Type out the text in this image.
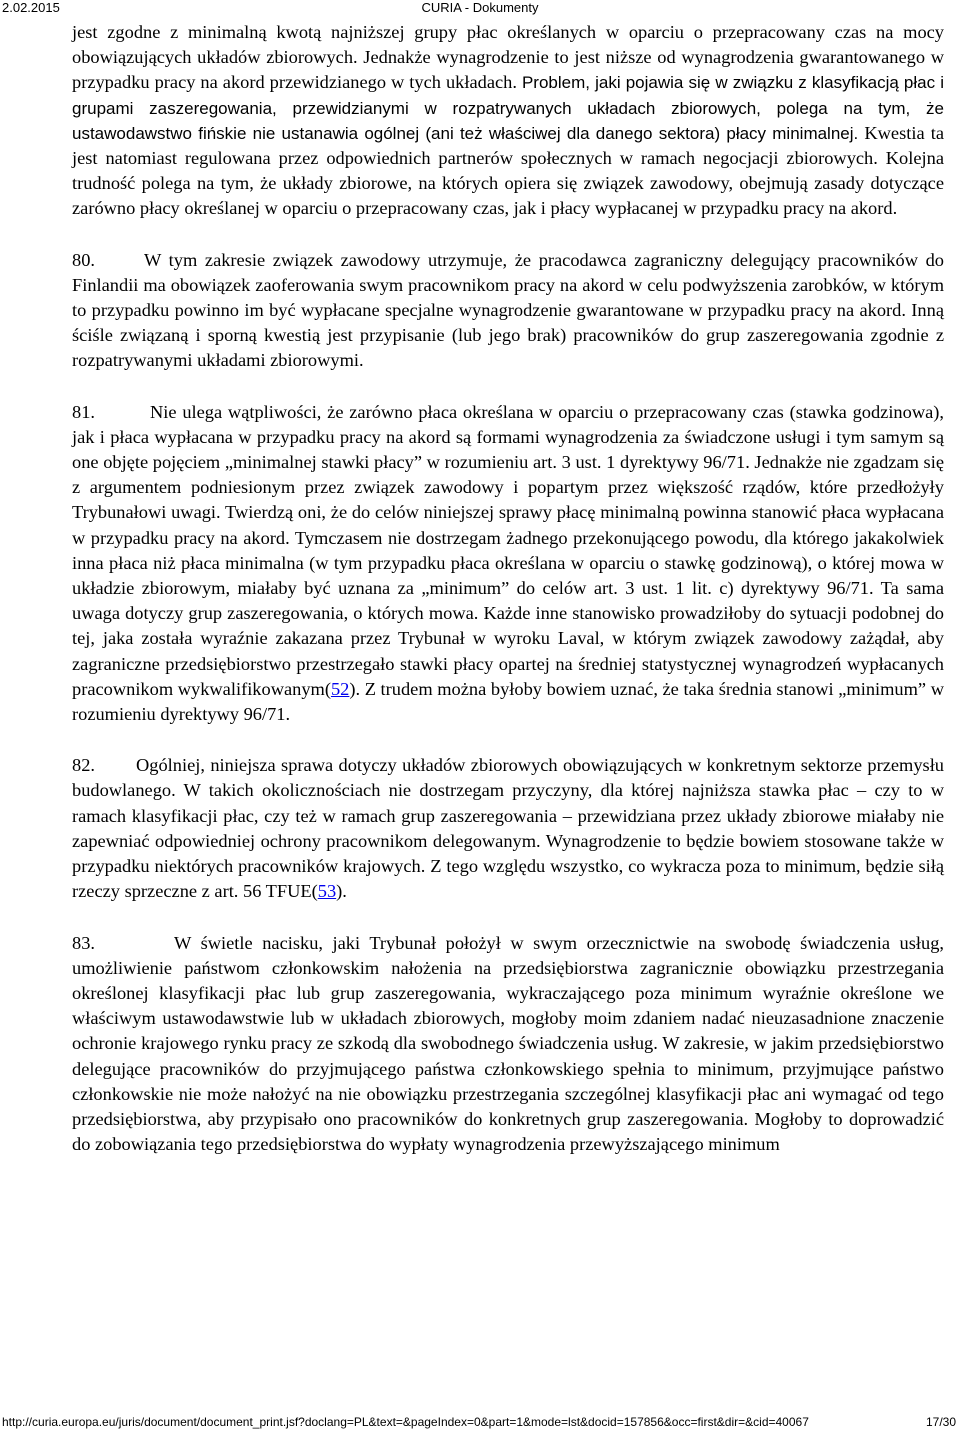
2.02.2015	CURIA - Dokumenty

jest zgodne z minimalną kwotą najniższej grupy płac określanych w oparciu o przepracowany czas na mocy obowiązujących układów zbiorowych. Jednakże wynagrodzenie to jest niższe od wynagrodzenia gwarantowanego w przypadku pracy na akord przewidzianego w tych układach. Problem, jaki pojawia się w związku z klasyfikacją płac i grupami zaszeregowania, przewidzianymi w rozpatrywanych układach zbiorowych, polega na tym, że ustawodawstwo fińskie nie ustanawia ogólnej (ani też właściwej dla danego sektora) płacy minimalnej. Kwestia ta jest natomiast regulowana przez odpowiednich partnerów społecznych w ramach negocjacji zbiorowych. Kolejna trudność polega na tym, że układy zbiorowe, na których opiera się związek zawodowy, obejmują zasady dotyczące zarówno płacy określanej w oparciu o przepracowany czas, jak i płacy wypłacanej w przypadku pracy na akord.

80.	W tym zakresie związek zawodowy utrzymuje, że pracodawca zagraniczny delegujący pracowników do Finlandii ma obowiązek zaoferowania swym pracownikom pracy na akord w celu podwyższenia zarobków, w którym to przypadku powinno im być wypłacane specjalne wynagrodzenie gwarantowane w przypadku pracy na akord. Inną ściśle związaną i sporną kwestią jest przypisanie (lub jego brak) pracowników do grup zaszeregowania zgodnie z rozpatrywanymi układami zbiorowymi.

81.	Nie ulega wątpliwości, że zarówno płaca określana w oparciu o przepracowany czas (stawka godzinowa), jak i płaca wypłacana w przypadku pracy na akord są formami wynagrodzenia za świadczone usługi i tym samym są one objęte pojęciem „minimalnej stawki płacy” w rozumieniu art. 3 ust. 1 dyrektywy 96/71. Jednakże nie zgadzam się z argumentem podniesionym przez związek zawodowy i popartym przez większość rządów, które przedłożyły Trybunałowi uwagi. Twierdzą oni, że do celów niniejszej sprawy płacę minimalną powinna stanowić płaca wypłacana w przypadku pracy na akord. Tymczasem nie dostrzegam żadnego przekonującego powodu, dla którego jakakolwiek inna płaca niż płaca minimalna (w tym przypadku płaca określana w oparciu o stawkę godzinową), o której mowa w układzie zbiorowym, miałaby być uznana za „minimum” do celów art. 3 ust. 1 lit. c) dyrektywy 96/71. Ta sama uwaga dotyczy grup zaszeregowania, o których mowa. Każde inne stanowisko prowadziłoby do sytuacji podobnej do tej, jaka została wyraźnie zakazana przez Trybunał w wyroku Laval, w którym związek zawodowy zażądał, aby zagraniczne przedsiębiorstwo przestrzegało stawki płacy opartej na średniej statystycznej wynagrodzeń wypłacanych pracownikom wykwalifikowanym(52). Z trudem można byłoby bowiem uznać, że taka średnia stanowi „minimum” w rozumieniu dyrektywy 96/71.

82. Ogólniej, niniejsza sprawa dotyczy układów zbiorowych obowiązujących w konkretnym sektorze przemysłu budowlanego. W takich okolicznościach nie dostrzegam przyczyny, dla której najniższa stawka płac – czy to w ramach klasyfikacji płac, czy też w ramach grup zaszeregowania – przewidziana przez układy zbiorowe miałaby nie zapewniać odpowiedniej ochrony pracownikom delegowanym. Wynagrodzenie to będzie bowiem stosowane także w przypadku niektórych pracowników krajowych. Z tego względu wszystko, co wykracza poza to minimum, będzie siłą rzeczy sprzeczne z art. 56 TFUE(53).

83.	W świetle nacisku, jaki Trybunał położył w swym orzecznictwie na swobodę świadczenia usług, umożliwienie państwom członkowskim nałożenia na przedsiębiorstwa zagranicznie obowiązku przestrzegania określonej klasyfikacji płac lub grup zaszeregowania, wykraczającego poza minimum wyraźnie określone we właściwym ustawodawstwie lub w układach zbiorowych, mogłoby moim zdaniem nadać nieuzasadnione znaczenie ochronie krajowego rynku pracy ze szkodą dla swobodnego świadczenia usług. W zakresie, w jakim przedsiębiorstwo delegujące pracowników do przyjmującego państwa członkowskiego spełnia to minimum, przyjmujące państwo członkowskie nie może nałożyć na nie obowiązku przestrzegania szczególnej klasyfikacji płac ani wymagać od tego przedsiębiorstwa, aby przypisało ono pracowników do konkretnych grup zaszeregowania. Mogłoby to doprowadzić do zobowiązania tego przedsiębiorstwa do wypłaty wynagrodzenia przewyższającego minimum

http://curia.europa.eu/juris/document/document_print.jsf?doclang=PL&text=&pageIndex=0&part=1&mode=lst&docid=157856&occ=first&dir=&cid=40067	17/30
